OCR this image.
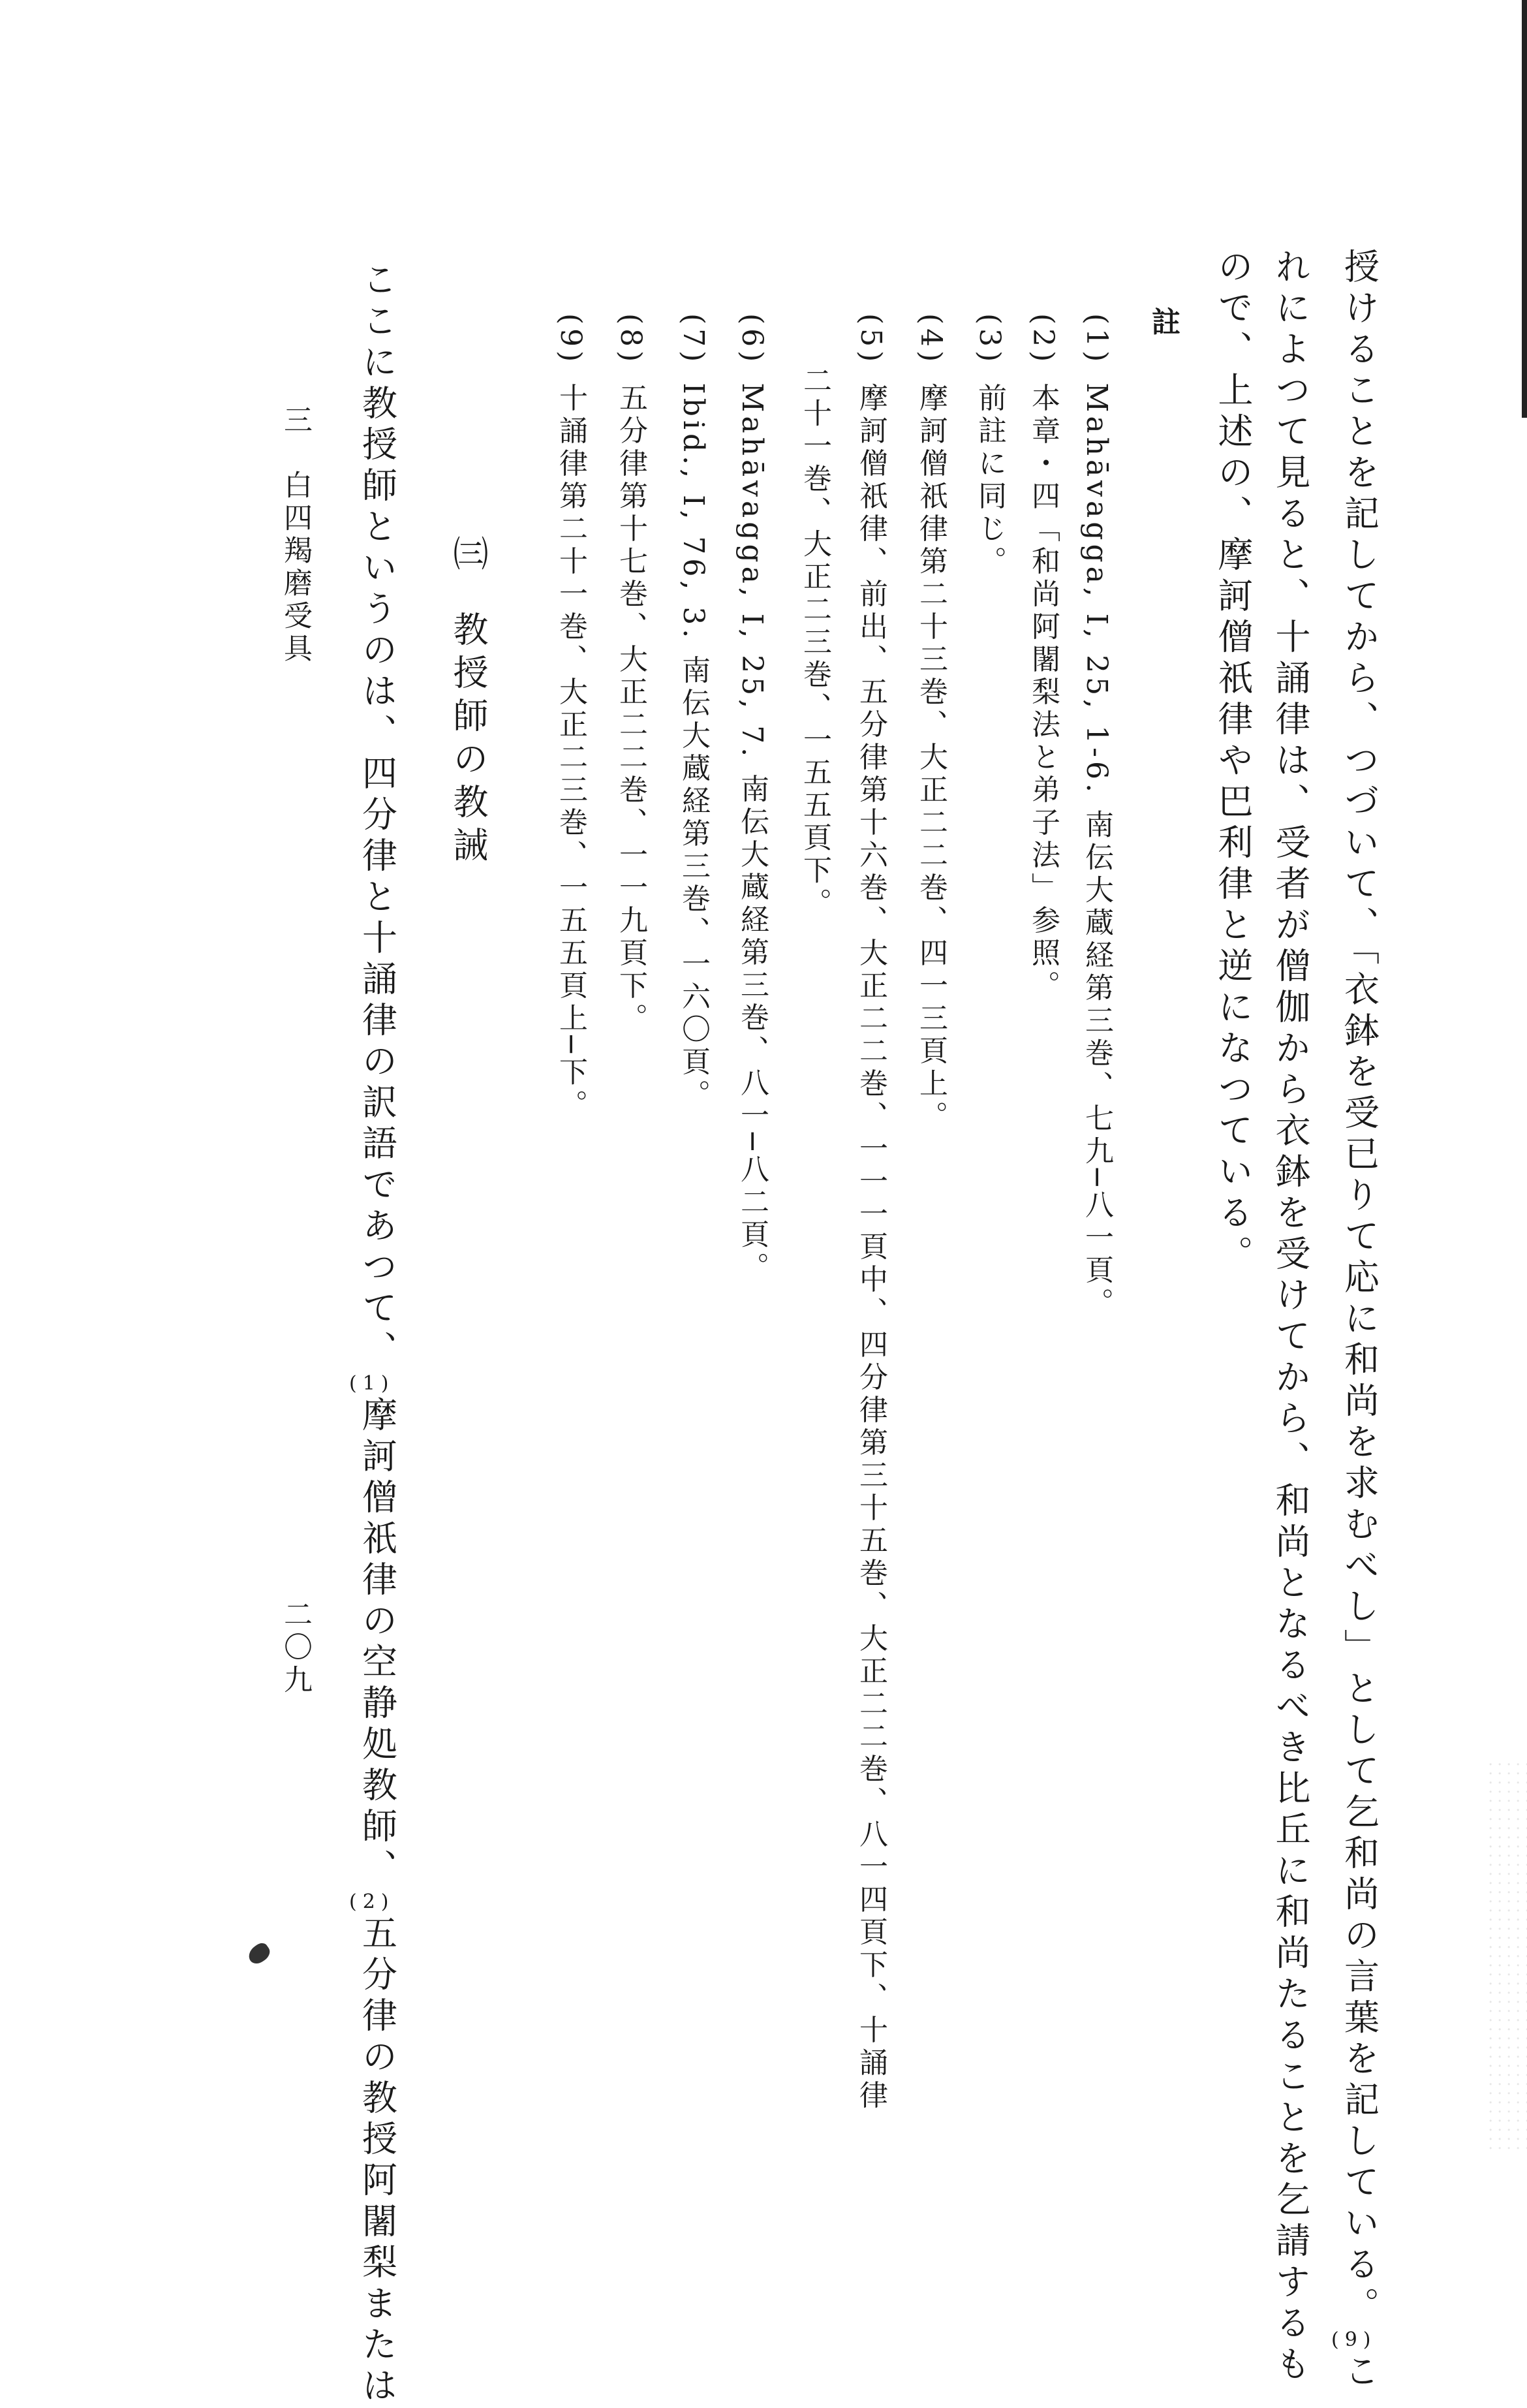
授けることを記してから、つづいて、「衣鉢を受已りて応に和尚を求むべし」として乞和尚の言葉を記している。$^{(9)}$こ
れによつて見ると、十誦律は、受者が僧伽から衣鉢を受けてから、和尚となるべき比丘に和尚たることを乞請するも
ので、上述の、摩訶僧祇律や巴利律と逆になつている。
註
(1)Mahāvagga, I, 25, 1-6. 南伝大蔵経第三巻、七九─八一頁。
(2)本章・四「和尚阿闍梨法と弟子法」参照。
(3)前註に同じ。
(4)摩訶僧祇律第二十三巻、大正二二巻、四一三頁上。
(5)摩訶僧祇律、前出、五分律第十六巻、大正二二巻、一一一頁中、四分律第三十五巻、大正二二巻、八一四頁下、十誦律
二十一巻、大正二三巻、一五五頁下。
(6)Mahāvagga, I, 25, 7. 南伝大蔵経第三巻、八一─八二頁。
(7)Ibid., I, 76, 3. 南伝大蔵経第三巻、一六〇頁。
(8)五分律第十七巻、大正二二巻、一一九頁下。
(9)十誦律第二十一巻、大正二三巻、一五五頁上─下。
㈢教授師の教誡
ここに教授師というのは、四分律と十誦律の訳語であつて、$^{(1)}$摩訶僧祇律の空静処教師、$^{(2)}$五分律の教授阿闍梨または
三　白四羯磨受具
二〇九
